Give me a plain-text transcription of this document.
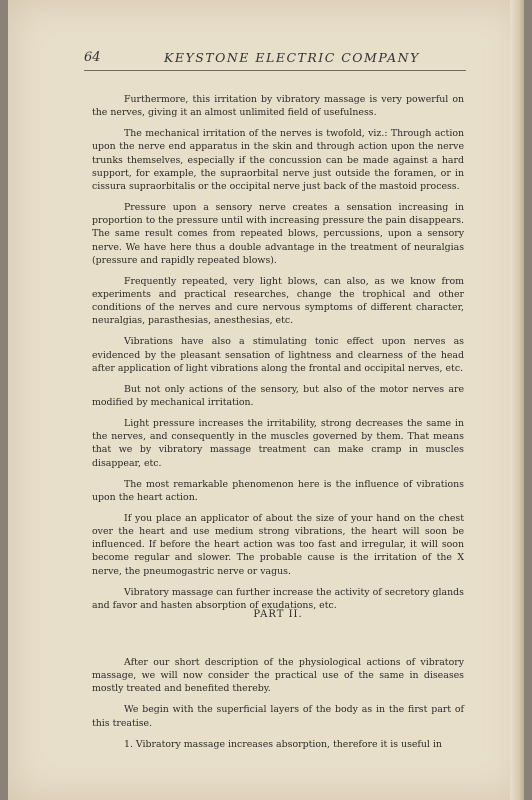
64	KEYSTONE ELECTRIC COMPANY

Furthermore, this irritation by vibratory massage is very powerful on the nerves, giving it an almost unlimited field of usefulness.

The mechanical irritation of the nerves is twofold, viz.: Through action upon the nerve end apparatus in the skin and through action upon the nerve trunks themselves, especially if the concussion can be made against a hard support, for example, the supraorbital nerve just outside the foramen, or in cissura supraorbitalis or the occipital nerve just back of the mastoid process.

Pressure upon a sensory nerve creates a sensation increasing in proportion to the pressure until with increasing pressure the pain disappears. The same result comes from repeated blows, percussions, upon a sensory nerve. We have here thus a double advantage in the treatment of neuralgias (pressure and rapidly repeated blows).

Frequently repeated, very light blows, can also, as we know from experiments and practical researches, change the trophical and other conditions of the nerves and cure nervous symptoms of different character, neuralgias, parasthesias, anesthesias, etc.

Vibrations have also a stimulating tonic effect upon nerves as evidenced by the pleasant sensation of lightness and clearness of the head after application of light vibrations along the frontal and occipital nerves, etc.

But not only actions of the sensory, but also of the motor nerves are modified by mechanical irritation.

Light pressure increases the irritability, strong decreases the same in the nerves, and consequently in the muscles governed by them. That means that we by vibratory massage treatment can make cramp in muscles disappear, etc.

The most remarkable phenomenon here is the influence of vibrations upon the heart action.

If you place an applicator of about the size of your hand on the chest over the heart and use medium strong vibrations, the heart will soon be influenced. If before the heart action was too fast and irregular, it will soon become regular and slower. The probable cause is the irritation of the X nerve, the pneumogastric nerve or vagus.

Vibratory massage can further increase the activity of secretory glands and favor and hasten absorption of exudations, etc.

PART II.

After our short description of the physiological actions of vibratory massage, we will now consider the practical use of the same in diseases mostly treated and benefited thereby.

We begin with the superficial layers of the body as in the first part of this treatise.

1. Vibratory massage increases absorption, therefore it is useful in
